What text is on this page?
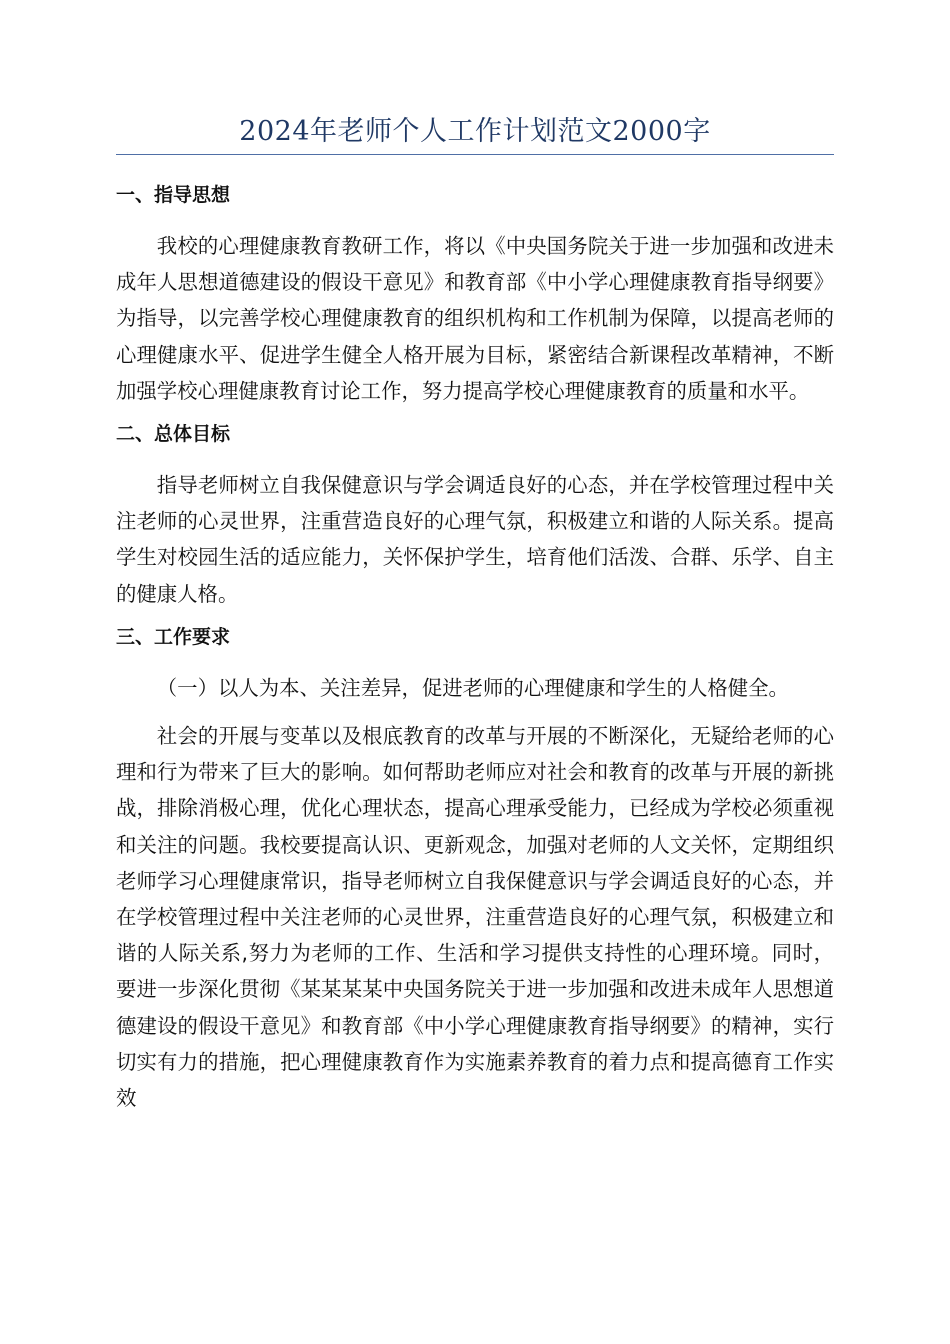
2024年老师个人工作计划范文2000字
一、指导思想

我校的心理健康教育教研工作，将以《中央国务院关于进一步加强和改进未成年人思想道德建设的假设干意见》和教育部《中小学心理健康教育指导纲要》为指导，以完善学校心理健康教育的组织机构和工作机制为保障，以提高老师的心理健康水平、促进学生健全人格开展为目标，紧密结合新课程改革精神，不断加强学校心理健康教育讨论工作，努力提高学校心理健康教育的质量和水平。

二、总体目标

指导老师树立自我保健意识与学会调适良好的心态，并在学校管理过程中关注老师的心灵世界，注重营造良好的心理气氛，积极建立和谐的人际关系。提高学生对校园生活的适应能力，关怀保护学生，培育他们活泼、合群、乐学、自主的健康人格。

三、工作要求

（一）以人为本、关注差异，促进老师的心理健康和学生的人格健全。

社会的开展与变革以及根底教育的改革与开展的不断深化，无疑给老师的心理和行为带来了巨大的影响。如何帮助老师应对社会和教育的改革与开展的新挑战，排除消极心理，优化心理状态，提高心理承受能力，已经成为学校必须重视和关注的问题。我校要提高认识、更新观念，加强对老师的人文关怀，定期组织老师学习心理健康常识，指导老师树立自我保健意识与学会调适良好的心态，并在学校管理过程中关注老师的心灵世界，注重营造良好的心理气氛，积极建立和谐的人际关系,努力为老师的工作、生活和学习提供支持性的心理环境。同时，要进一步深化贯彻《某某某某中央国务院关于进一步加强和改进未成年人思想道德建设的假设干意见》和教育部《中小学心理健康教育指导纲要》的精神，实行切实有力的措施，把心理健康教育作为实施素养教育的着力点和提高德育工作实效
